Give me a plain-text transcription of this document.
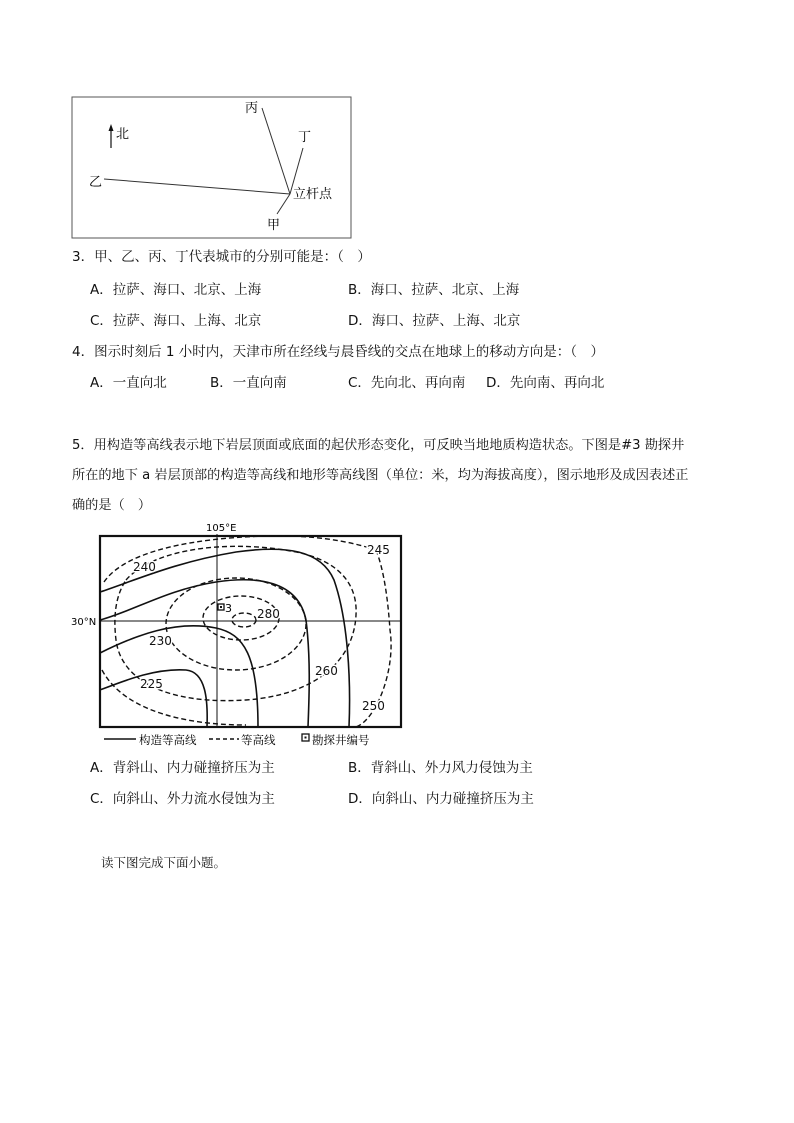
北
丙
丁
乙
立杆点
甲
3．甲、乙、丙、丁代表城市的分别可能是：（　）
A．拉萨、海口、北京、上海	B．海口、拉萨、北京、上海
C．拉萨、海口、上海、北京	D．海口、拉萨、上海、北京
4．图示时刻后 1 小时内，天津市所在经线与晨昏线的交点在地球上的移动方向是：（　）
A．一直向北	B．一直向南	C．先向北、再向南 D．先向南、再向北
5．用构造等高线表示地下岩层顶面或底面的起伏形态变化，可反映当地地质构造状态。下图是#3 勘探井
所在的地下 a 岩层顶部的构造等高线和地形等高线图（单位：米，均为海拔高度），图示地形及成因表述正
确的是（　）
105°E
30°N
3
240
245
280
230
260
225
250
构造等高线	等高线	勘探井编号
A．背斜山、内力碰撞挤压为主	B．背斜山、外力风力侵蚀为主
C．向斜山、外力流水侵蚀为主	D．向斜山、内力碰撞挤压为主
读下图完成下面小题。
